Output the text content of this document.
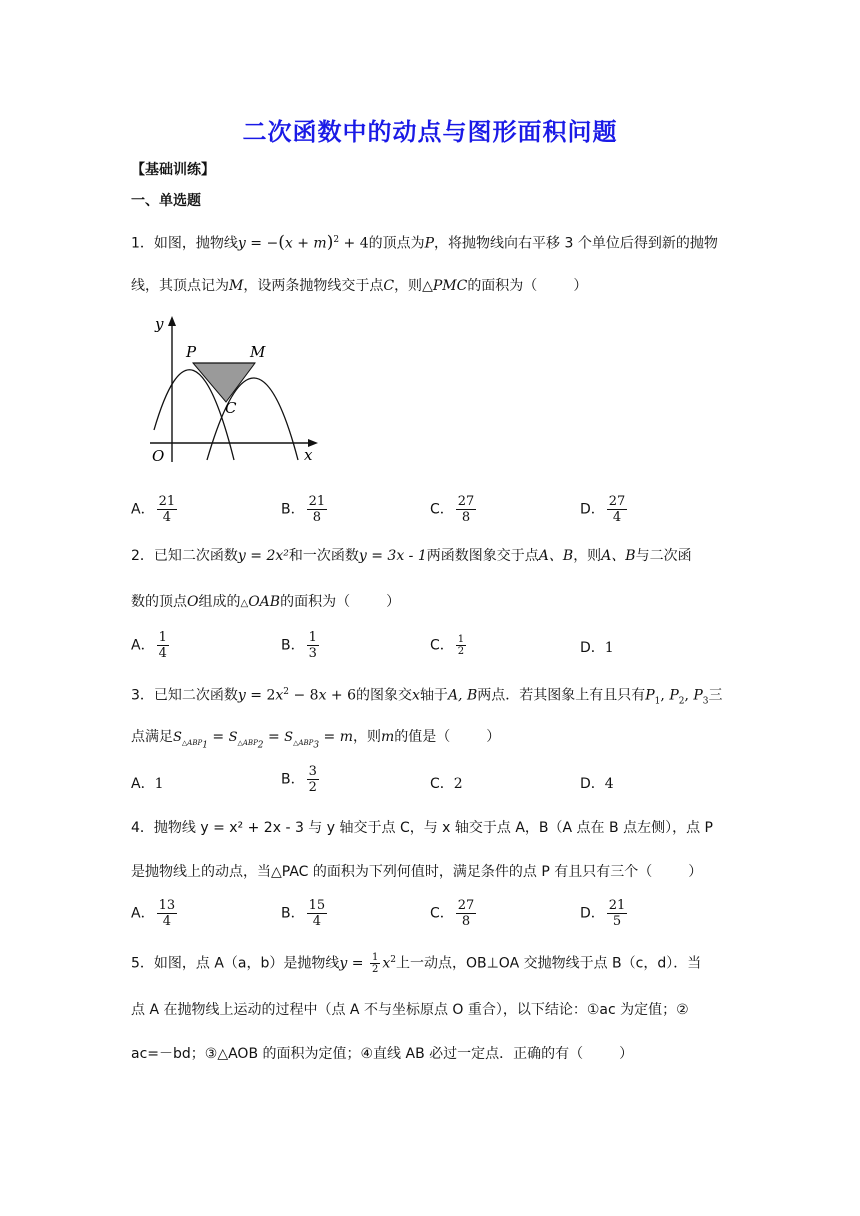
二次函数中的动点与图形面积问题
【基础训练】
一、单选题
1．如图，抛物线$y = -(x + m)^2 + 4$的顶点为P，将抛物线向右平移 3 个单位后得到新的抛物
线，其顶点记为M，设两条抛物线交于点C，则△PMC的面积为（	）
y
x
O
P	M
C
A． $\frac{21}{4}$	B． $\frac{21}{8}$	C． $\frac{27}{8}$	D． $\frac{27}{4}$
2．已知二次函数y = 2x²和一次函数y = 3x - 1两函数图象交于点A、B，则A、B与二次函
数的顶点O组成的△OAB的面积为（	）
A． $\frac{1}{4}$	B． $\frac{1}{3}$	C． $\frac{1}{2}$	D．1
3．已知二次函数$y = 2x^2 - 8x + 6$的图象交x轴于A, B两点．若其图象上有且只有$P_1$, $P_2$, $P_3$三
点满足$S_{\triangle ABP_1} = S_{\triangle ABP_2} = S_{\triangle ABP_3} = m$，则m的值是（	）
A．1	B． $\frac{3}{2}$	C．2	D．4
4．抛物线 y = x² + 2x - 3 与 y 轴交于点 C，与 x 轴交于点 A，B（A 点在 B 点左侧），点 P
是抛物线上的动点，当△PAC 的面积为下列何值时，满足条件的点 P 有且只有三个（	）
A． $\frac{13}{4}$	B． $\frac{15}{4}$	C． $\frac{27}{8}$	D． $\frac{21}{5}$
5．如图，点 A（a，b）是抛物线$y = \frac{1}{2} x^2$上一动点，OB⊥OA 交抛物线于点 B（c，d）．当
点 A 在抛物线上运动的过程中（点 A 不与坐标原点 O 重合），以下结论：①ac 为定值；②
ac=－bd；③△AOB 的面积为定值；④直线 AB 必过一定点．正确的有（	）
